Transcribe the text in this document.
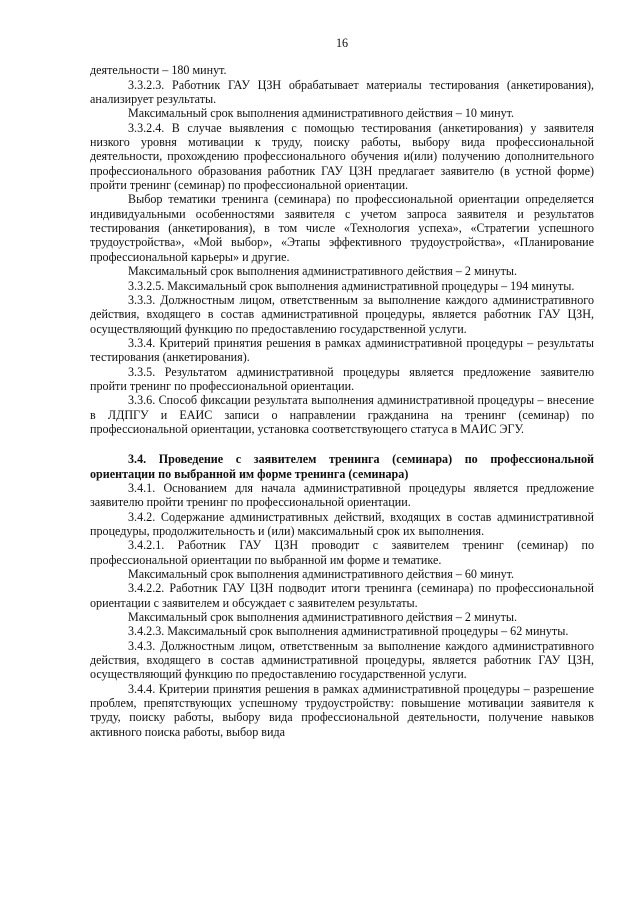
16

деятельности – 180 минут.

3.3.2.3. Работник ГАУ ЦЗН обрабатывает материалы тестирования (анкетирования), анализирует результаты.

Максимальный срок выполнения административного действия – 10 минут.

3.3.2.4. В случае выявления с помощью тестирования (анкетирования) у заявителя низкого уровня мотивации к труду, поиску работы, выбору вида профессиональной деятельности, прохождению профессионального обучения и(или) получению дополнительного профессионального образования работник ГАУ ЦЗН предлагает заявителю (в устной форме) пройти тренинг (семинар) по профессиональной ориентации.

Выбор тематики тренинга (семинара) по профессиональной ориентации определяется индивидуальными особенностями заявителя с учетом запроса заявителя и результатов тестирования (анкетирования), в том числе «Технология успеха», «Стратегии успешного трудоустройства», «Мой выбор», «Этапы эффективного трудоустройства», «Планирование профессиональной карьеры» и другие.

Максимальный срок выполнения административного действия – 2 минуты.

3.3.2.5. Максимальный срок выполнения административной процедуры – 194 минуты.

3.3.3. Должностным лицом, ответственным за выполнение каждого административного действия, входящего в состав административной процедуры, является работник ГАУ ЦЗН, осуществляющий функцию по предоставлению государственной услуги.

3.3.4. Критерий принятия решения в рамках административной процедуры – результаты тестирования (анкетирования).

3.3.5. Результатом административной процедуры является предложение заявителю пройти тренинг по профессиональной ориентации.

3.3.6. Способ фиксации результата выполнения административной процедуры – внесение в ЛДПГУ и ЕАИС записи о направлении гражданина на тренинг (семинар) по профессиональной ориентации, установка соответствующего статуса в МАИС ЭГУ.

3.4. Проведение с заявителем тренинга (семинара) по профессиональной ориентации по выбранной им форме тренинга (семинара)

3.4.1. Основанием для начала административной процедуры является предложение заявителю пройти тренинг по профессиональной ориентации.

3.4.2. Содержание административных действий, входящих в состав административной процедуры, продолжительность и (или) максимальный срок их выполнения.

3.4.2.1. Работник ГАУ ЦЗН проводит с заявителем тренинг (семинар) по профессиональной ориентации по выбранной им форме и тематике.

Максимальный срок выполнения административного действия – 60 минут.

3.4.2.2. Работник ГАУ ЦЗН подводит итоги тренинга (семинара) по профессиональной ориентации с заявителем и обсуждает с заявителем результаты.

Максимальный срок выполнения административного действия – 2 минуты.

3.4.2.3. Максимальный срок выполнения административной процедуры – 62 минуты.

3.4.3. Должностным лицом, ответственным за выполнение каждого административного действия, входящего в состав административной процедуры, является работник ГАУ ЦЗН, осуществляющий функцию по предоставлению государственной услуги.

3.4.4. Критерии принятия решения в рамках административной процедуры – разрешение проблем, препятствующих успешному трудоустройству: повышение мотивации заявителя к труду, поиску работы, выбору вида профессиональной деятельности, получение навыков активного поиска работы, выбор вида
